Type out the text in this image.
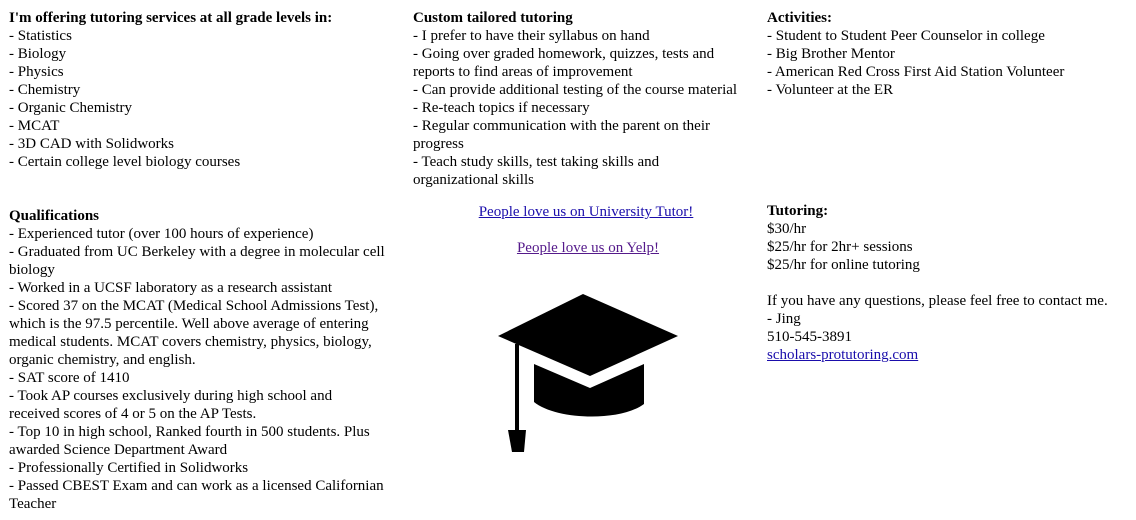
I'm offering tutoring services at all grade levels in:
- Statistics
- Biology
- Physics
- Chemistry
- Organic Chemistry
- MCAT
- 3D CAD with Solidworks
- Certain college level biology courses
Custom tailored tutoring
- I prefer to have their syllabus on hand
- Going over graded homework, quizzes, tests and reports to find areas of improvement
- Can provide additional testing of the course material
- Re-teach topics if necessary
- Regular communication with the parent on their progress
- Teach study skills, test taking skills and organizational skills
Activities:
- Student to Student Peer Counselor in college
- Big Brother Mentor
- American Red Cross First Aid Station Volunteer
- Volunteer at the ER
Qualifications
- Experienced tutor (over 100 hours of experience)
- Graduated from UC Berkeley with a degree in molecular cell biology
- Worked in a UCSF laboratory as a research assistant
- Scored 37 on the MCAT (Medical School Admissions Test), which is the 97.5 percentile. Well above average of entering medical students. MCAT covers chemistry, physics, biology, organic chemistry, and english.
- SAT score of 1410
- Took AP courses exclusively during high school and received scores of 4 or 5 on the AP Tests.
- Top 10 in high school, Ranked fourth in 500 students. Plus awarded Science Department Award
- Professionally Certified in Solidworks
- Passed CBEST Exam and can work as a licensed Californian Teacher
People love us on University Tutor!
People love us on Yelp!
Tutoring:
$30/hr
$25/hr for 2hr+ sessions
$25/hr for online tutoring
If you have any questions, please feel free to contact me.
- Jing
510-545-3891
scholars-protutoring.com
